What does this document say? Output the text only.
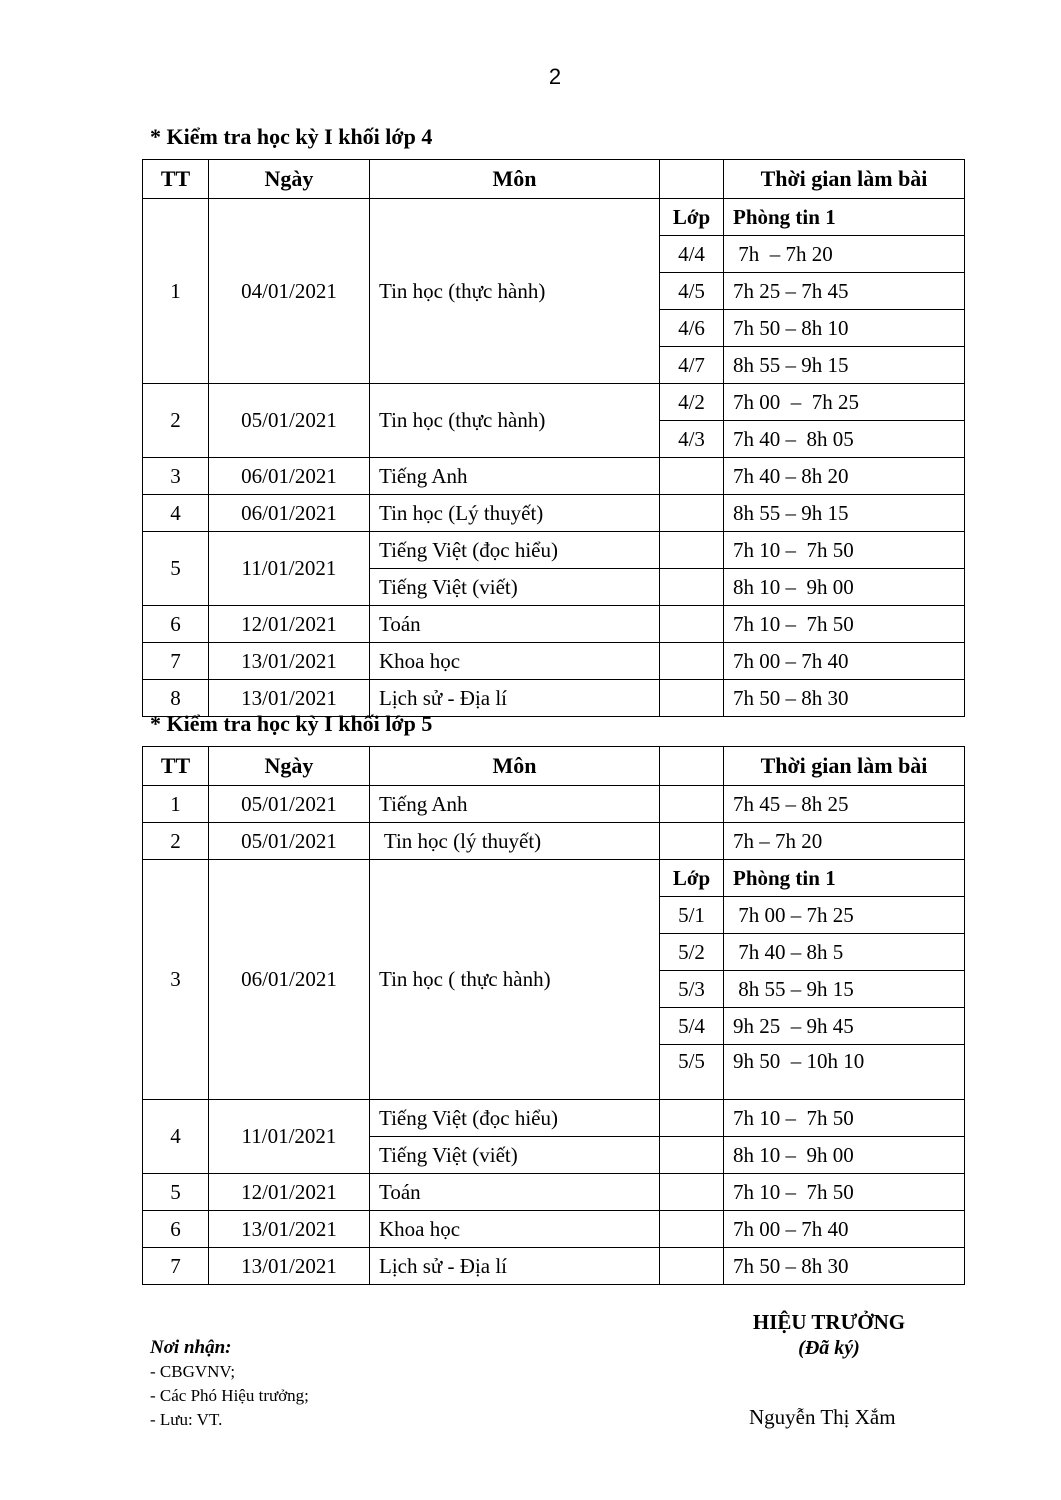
2
* Kiểm tra học kỳ I khối lớp 4
TT	Ngày	Môn		Thời gian làm bài
1	04/01/2021	Tin học (thực hành)	Lớp	Phòng tin 1
			4/4	7h  – 7h 20
			4/5	7h 25 – 7h 45
			4/6	7h 50 – 8h 10
			4/7	8h 55 – 9h 15
2	05/01/2021	Tin học (thực hành)	4/2	7h 00  –  7h 25
			4/3	7h 40 –  8h 05
3	06/01/2021	Tiếng Anh		7h 40 – 8h 20
4	06/01/2021	Tin học (Lý thuyết)		8h 55 – 9h 15
5	11/01/2021	Tiếng Việt (đọc hiểu)		7h 10 –  7h 50
		Tiếng Việt (viết)		8h 10 –  9h 00
6	12/01/2021	Toán		7h 10 –  7h 50
7	13/01/2021	Khoa học		7h 00 – 7h 40
8	13/01/2021	Lịch sử - Địa lí		7h 50 – 8h 30
* Kiểm tra học kỳ I khối lớp 5
TT	Ngày	Môn		Thời gian làm bài
1	05/01/2021	Tiếng Anh		7h 45 – 8h 25
2	05/01/2021	Tin học (lý thuyết)		7h – 7h 20
3	06/01/2021	Tin học ( thực hành)	Lớp	Phòng tin 1
			5/1	7h 00 – 7h 25
			5/2	7h 40 – 8h 5
			5/3	8h 55 – 9h 15
			5/4	9h 25  – 9h 45
			5/5	9h 50  – 10h 10
4	11/01/2021	Tiếng Việt (đọc hiểu)		7h 10 –  7h 50
		Tiếng Việt (viết)		8h 10 –  9h 00
5	12/01/2021	Toán		7h 10 –  7h 50
6	13/01/2021	Khoa học		7h 00 – 7h 40
7	13/01/2021	Lịch sử - Địa lí		7h 50 – 8h 30
HIỆU TRƯỞNG
(Đã ký)
Nguyễn Thị Xắm
Nơi nhận:
- CBGVNV;
- Các Phó Hiệu trưởng;
- Lưu: VT.
